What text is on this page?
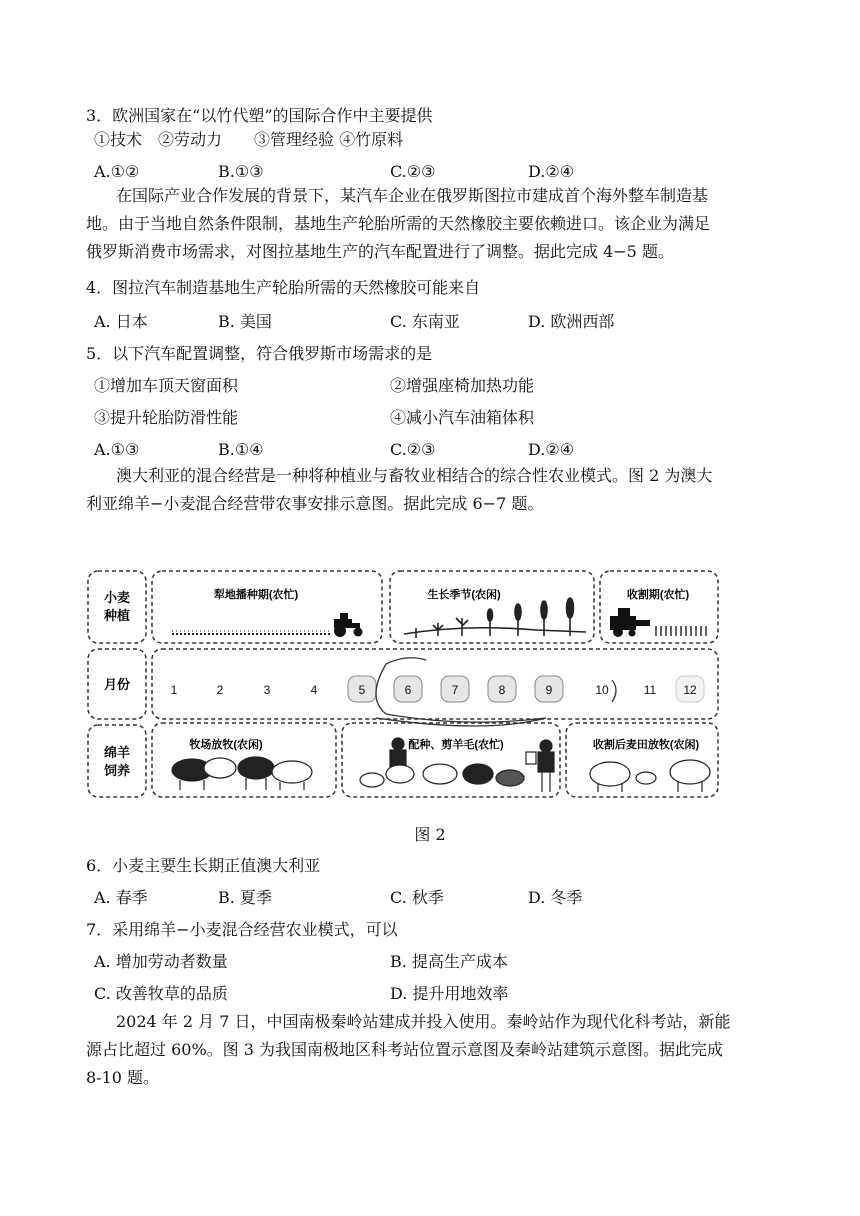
3．欧洲国家在“以竹代塑”的国际合作中主要提供
①技术　②劳动力　　③管理经验 ④竹原料
A.①②	B.①③	C.②③	D.②④
在国际产业合作发展的背景下，某汽车企业在俄罗斯图拉市建成首个海外整车制造基
地。由于当地自然条件限制，基地生产轮胎所需的天然橡胶主要依赖进口。该企业为满足
俄罗斯消费市场需求，对图拉基地生产的汽车配置进行了调整。据此完成 4−5 题。
4．图拉汽车制造基地生产轮胎所需的天然橡胶可能来自
A. 日本	B. 美国	C. 东南亚	D. 欧洲西部
5．以下汽车配置调整，符合俄罗斯市场需求的是
①增加车顶天窗面积	②增强座椅加热功能
③提升轮胎防滑性能	④减小汽车油箱体积
A.①③	B.①④	C.②③	D.②④
澳大利亚的混合经营是一种将种植业与畜牧业相结合的综合性农业模式。图 2 为澳大
利亚绵羊−小麦混合经营带农事安排示意图。据此完成 6−7 题。
小麦
种植
月份
绵羊
饲养
犁地播种期(农忙)	生长季节(农闲)	收割期(农忙)
1	2	3	4	5	6	7	8	9	10	11 12
牧场放牧(农闲)	配种、剪羊毛(农忙)	收割后麦田放牧(农闲)
图 2
6．小麦主要生长期正值澳大利亚
A. 春季	B. 夏季	C. 秋季	D. 冬季
7．采用绵羊−小麦混合经营农业模式，可以
A. 增加劳动者数量	B. 提高生产成本
C. 改善牧草的品质	D. 提升用地效率
2024 年 2 月 7 日，中国南极秦岭站建成并投入使用。秦岭站作为现代化科考站，新能
源占比超过 60%。图 3 为我国南极地区科考站位置示意图及秦岭站建筑示意图。据此完成
8-10 题。
